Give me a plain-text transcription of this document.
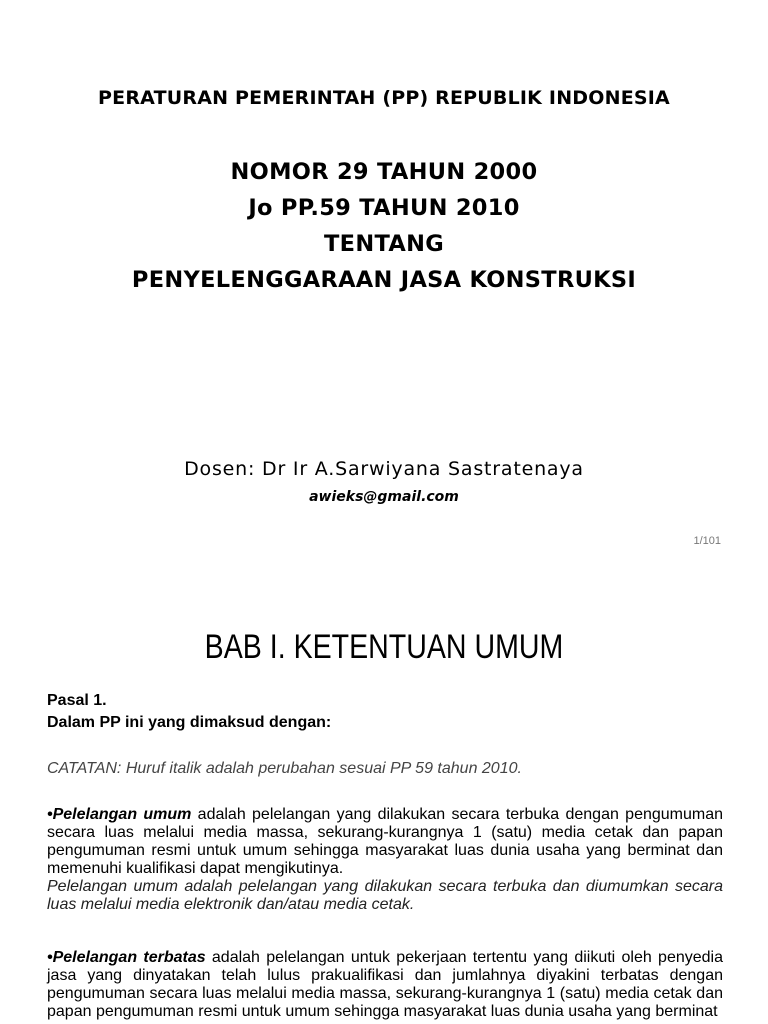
PERATURAN PEMERINTAH (PP) REPUBLIK INDONESIA
NOMOR 29 TAHUN 2000
Jo PP.59 TAHUN 2010
TENTANG
PENYELENGGARAAN JASA KONSTRUKSI
Dosen: Dr Ir A.Sarwiyana Sastratenaya
awieks@gmail.com
1/101
BAB I. KETENTUAN UMUM
Pasal 1.
Dalam PP ini yang dimaksud dengan:
CATATAN: Huruf italik adalah perubahan sesuai PP 59 tahun 2010.
•Pelelangan umum adalah pelelangan yang dilakukan secara terbuka dengan pengumuman secara luas melalui media massa, sekurang-kurangnya 1 (satu) media cetak dan papan pengumuman resmi untuk umum sehingga masyarakat luas dunia usaha yang berminat dan memenuhi kualifikasi dapat mengikutinya.
Pelelangan umum adalah pelelangan yang dilakukan secara terbuka dan diumumkan secara luas melalui media elektronik dan/atau media cetak.
•Pelelangan terbatas adalah pelelangan untuk pekerjaan tertentu yang diikuti oleh penyedia jasa yang dinyatakan telah lulus prakualifikasi dan jumlahnya diyakini terbatas dengan pengumuman secara luas melalui media massa, sekurang-kurangnya 1 (satu) media cetak dan papan pengumuman resmi untuk umum sehingga masyarakat luas dunia usaha yang berminat
